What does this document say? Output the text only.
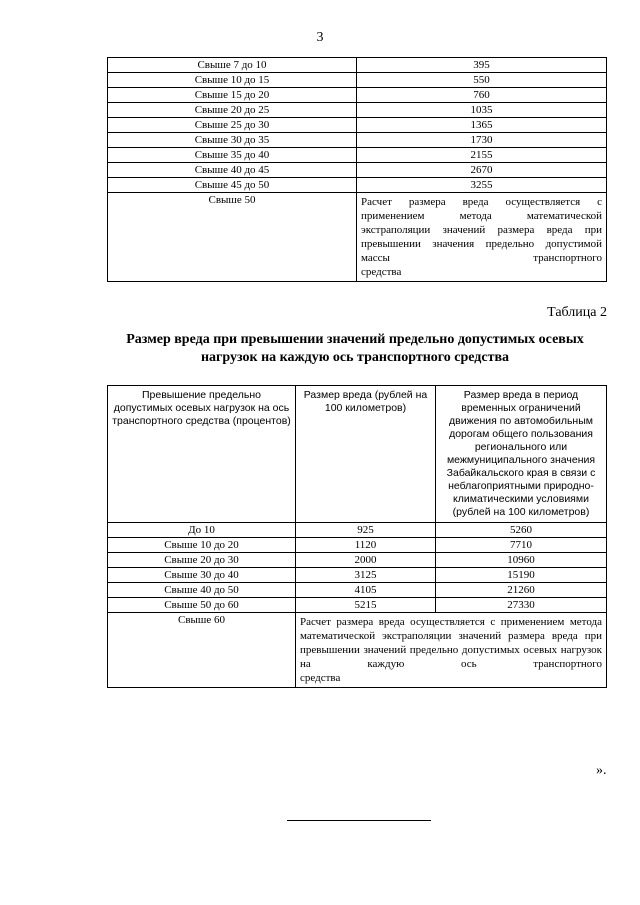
3
Свыше 7 до 10	395
Свыше 10 до 15	550
Свыше 15 до 20	760
Свыше 20 до 25	1035
Свыше 25 до 30	1365
Свыше 30 до 35	1730
Свыше 35 до 40	2155
Свыше 40 до 45	2670
Свыше 45 до 50	3255
Свыше 50	Расчет размера вреда осуществляется с применением метода математической экстраполяции значений размера вреда при превышении значения предельно допустимой массы транспортного
средства
Таблица 2
Размер вреда при превышении значений предельно допустимых осевых нагрузок на каждую ось транспортного средства
Превышение предельно допустимых осевых нагрузок на ось транспортного средства (процентов)	Размер вреда (рублей на 100 километров)	Размер вреда в период временных ограничений движения по автомобильным дорогам общего пользования регионального или межмуниципального значения Забайкальского края в связи с неблагоприятными природно-климатическими условиями (рублей на 100 километров)
До 10	925	5260
Свыше 10 до 20	1120	7710
Свыше 20 до 30	2000	10960
Свыше 30 до 40	3125	15190
Свыше 40 до 50	4105	21260
Свыше 50 до 60	5215	27330
Свыше 60	Расчет размера вреда осуществляется с применением метода математической экстраполяции значений размера вреда при превышении значений предельно допустимых осевых нагрузок на каждую ось транспортного
средства	
».
